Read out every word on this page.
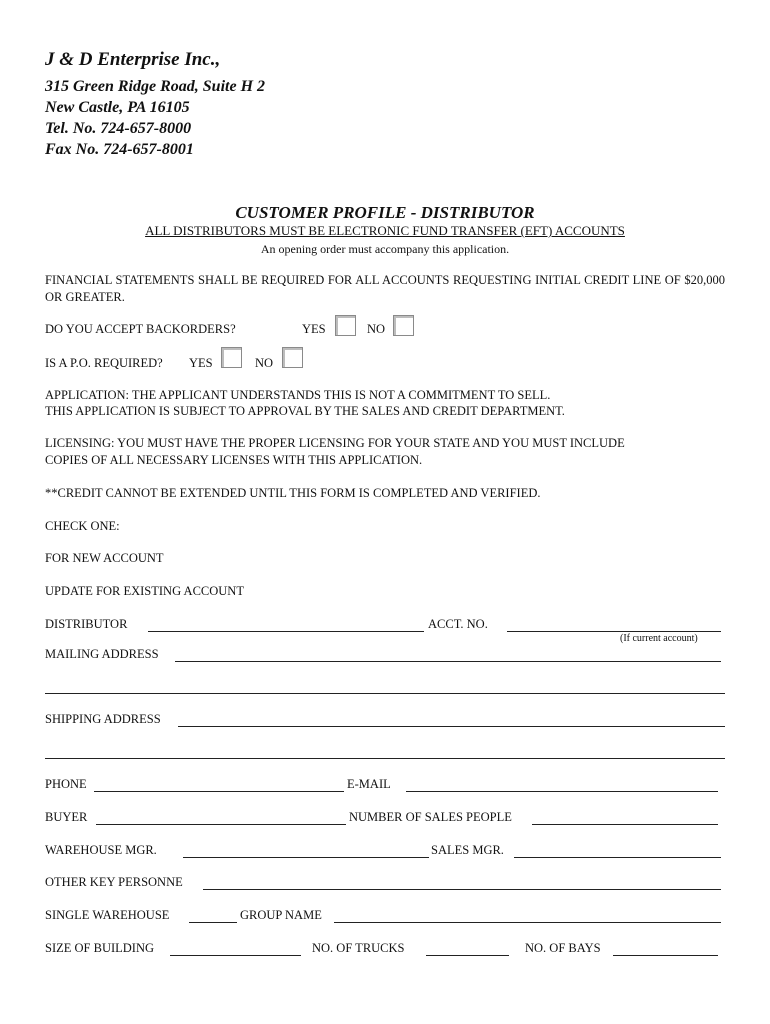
J & D Enterprise Inc.,
315 Green Ridge Road, Suite H 2
New Castle, PA 16105
Tel. No. 724-657-8000
Fax No. 724-657-8001
CUSTOMER PROFILE - DISTRIBUTOR
ALL DISTRIBUTORS MUST BE ELECTRONIC FUND TRANSFER (EFT) ACCOUNTS
An opening order must accompany this application.
FINANCIAL STATEMENTS SHALL BE REQUIRED FOR ALL ACCOUNTS REQUESTING INITIAL CREDIT LINE OF $20,000 OR GREATER.
DO YOU ACCEPT BACKORDERS?	YES	NO
IS A P.O. REQUIRED? YES	NO
APPLICATION: THE APPLICANT UNDERSTANDS THIS IS NOT A COMMITMENT TO SELL.
THIS APPLICATION IS SUBJECT TO APPROVAL BY THE SALES AND CREDIT DEPARTMENT.
LICENSING: YOU MUST HAVE THE PROPER LICENSING FOR YOUR STATE AND YOU MUST INCLUDE
COPIES OF ALL NECESSARY LICENSES WITH THIS APPLICATION.
**CREDIT CANNOT BE EXTENDED UNTIL THIS FORM IS COMPLETED AND VERIFIED.
CHECK ONE:
FOR NEW ACCOUNT
UPDATE FOR EXISTING ACCOUNT
DISTRIBUTOR	ACCT. NO.
(If current account)
MAILING ADDRESS
SHIPPING ADDRESS
PHONE	E-MAIL
BUYER	NUMBER OF SALES PEOPLE
WAREHOUSE MGR.	SALES MGR.
OTHER KEY PERSONNE
SINGLE WAREHOUSE	GROUP NAME
SIZE OF BUILDING	NO. OF TRUCKS	NO. OF BAYS
